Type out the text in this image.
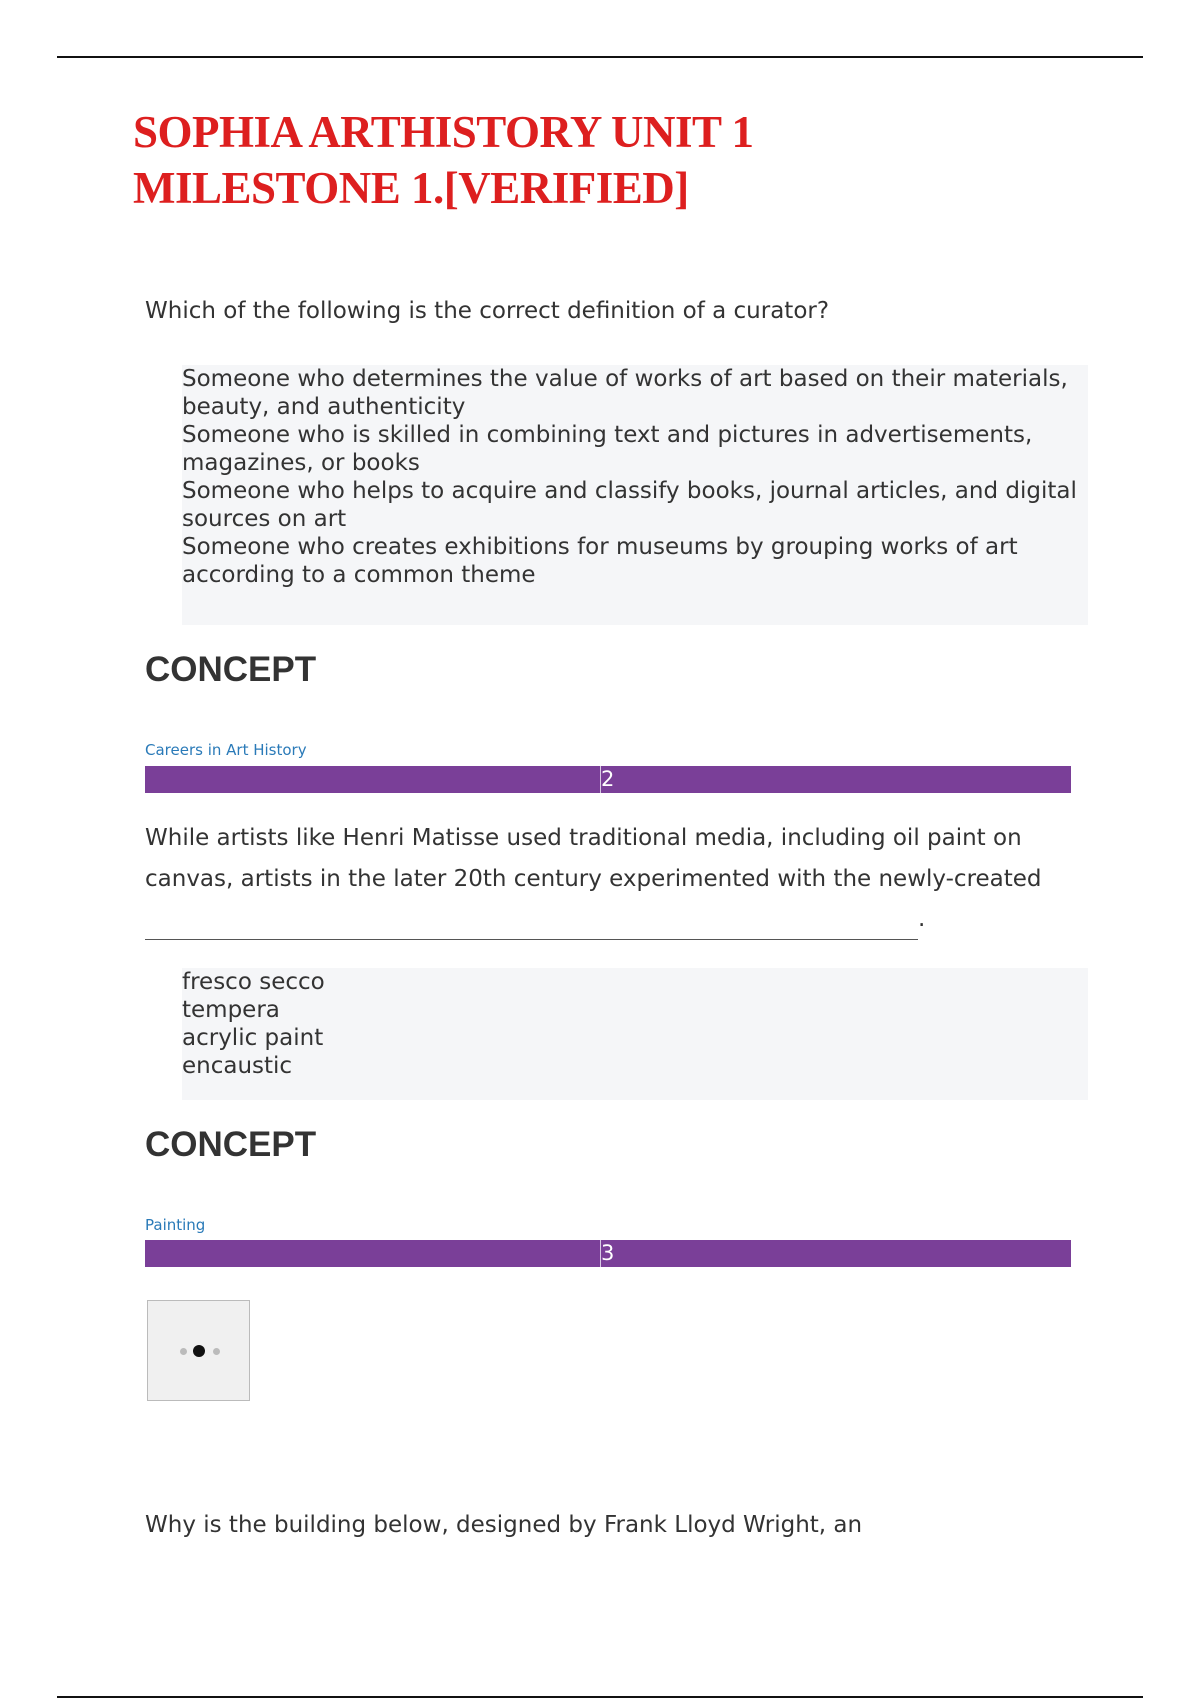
SOPHIA ARTHISTORY UNIT 1 MILESTONE 1.[VERIFIED]

Which of the following is the correct definition of a curator?

Someone who determines the value of works of art based on their materials, beauty, and authenticity
Someone who is skilled in combining text and pictures in advertisements, magazines, or books
Someone who helps to acquire and classify books, journal articles, and digital sources on art
Someone who creates exhibitions for museums by grouping works of art according to a common theme
CONCEPT
Careers in Art History
2

While artists like Henri Matisse used traditional media, including oil paint on canvas, artists in the later 20th century experimented with the newly-created.

fresco secco
tempera
acrylic paint
encaustic
CONCEPT
Painting
3

Why is the building below, designed by Frank Lloyd Wright, an
